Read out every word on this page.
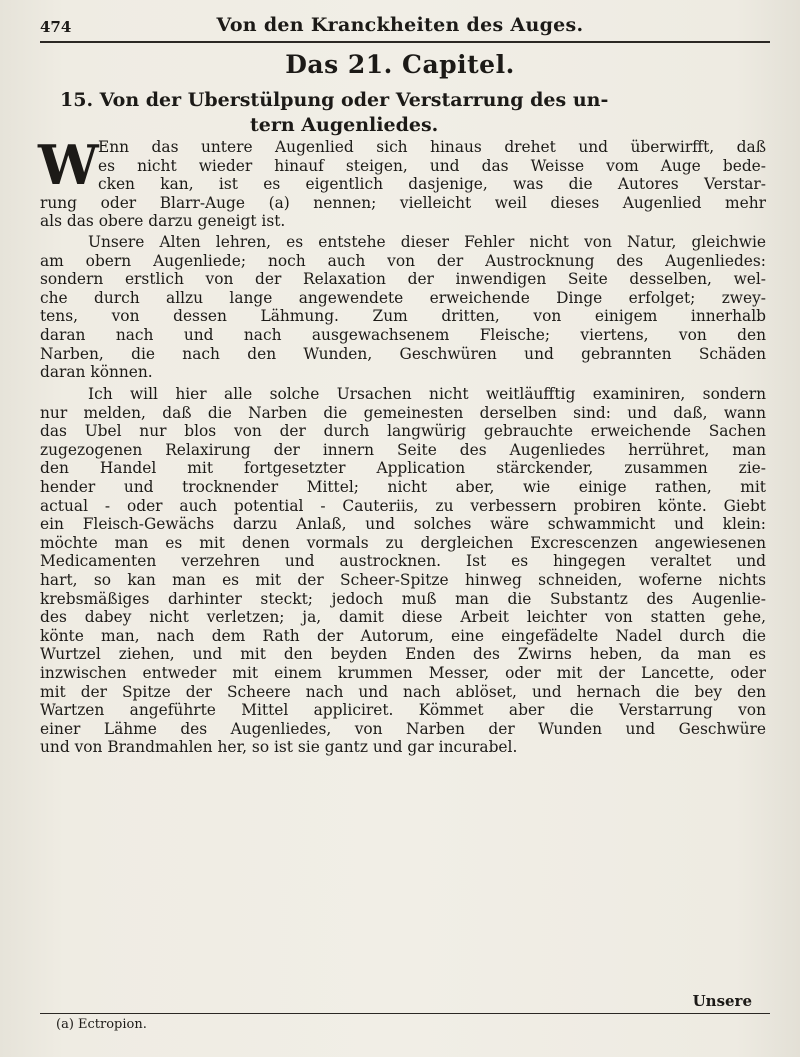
474	Von den Kranckheiten des Auges.
Das 21. Capitel.
15. Von der Uberstülpung oder Verstarrung des un-
tern Augenliedes.
W Enn das untere Augenlied sich hinaus drehet und überwirfft, daß
es nicht wieder hinauf steigen, und das Weisse vom Auge bede-
cken kan, ist es eigentlich dasjenige, was die Autores Verstar-
rung oder Blarr-Auge (a) nennen; vielleicht weil dieses Augenlied mehr
als das obere darzu geneigt ist.
Unsere Alten lehren, es entstehe dieser Fehler nicht von Natur, gleichwie
am obern Augenliede; noch auch von der Austrocknung des Augenliedes:
sondern erstlich von der Relaxation der inwendigen Seite desselben, wel-
che durch allzu lange angewendete erweichende Dinge erfolget; zwey-
tens, von dessen Lähmung. Zum dritten, von einigem innerhalb
daran nach und nach ausgewachsenem Fleische; viertens, von den
Narben, die nach den Wunden, Geschwüren und gebrannten Schäden
daran können.
Ich will hier alle solche Ursachen nicht weitläufftig examiniren, sondern
nur melden, daß die Narben die gemeinesten derselben sind: und daß, wann
das Ubel nur blos von der durch langwürig gebrauchte erweichende Sachen
zugezogenen Relaxirung der innern Seite des Augenliedes herrühret, man
den Handel mit fortgesetzter Application stärckender, zusammen zie-
hender und trocknender Mittel; nicht aber, wie einige rathen, mit
actual - oder auch potential - Cauteriis, zu verbessern probiren könte. Giebt
ein Fleisch-Gewächs darzu Anlaß, und solches wäre schwammicht und klein:
möchte man es mit denen vormals zu dergleichen Excrescenzen angewiesenen
Medicamenten verzehren und austrocknen. Ist es hingegen veraltet und
hart, so kan man es mit der Scheer-Spitze hinweg schneiden, woferne nichts
krebsmäßiges darhinter steckt; jedoch muß man die Substantz des Augenlie-
des dabey nicht verletzen; ja, damit diese Arbeit leichter von statten gehe,
könte man, nach dem Rath der Autorum, eine eingefädelte Nadel durch die
Wurtzel ziehen, und mit den beyden Enden des Zwirns heben, da man es
inzwischen entweder mit einem krummen Messer, oder mit der Lancette, oder
mit der Spitze der Scheere nach und nach ablöset, und hernach die bey den
Wartzen angeführte Mittel appliciret. Kömmet aber die Verstarrung von
einer Lähme des Augenliedes, von Narben der Wunden und Geschwüre
und von Brandmahlen her, so ist sie gantz und gar incurabel.
Unsere
(a) Ectropion.
